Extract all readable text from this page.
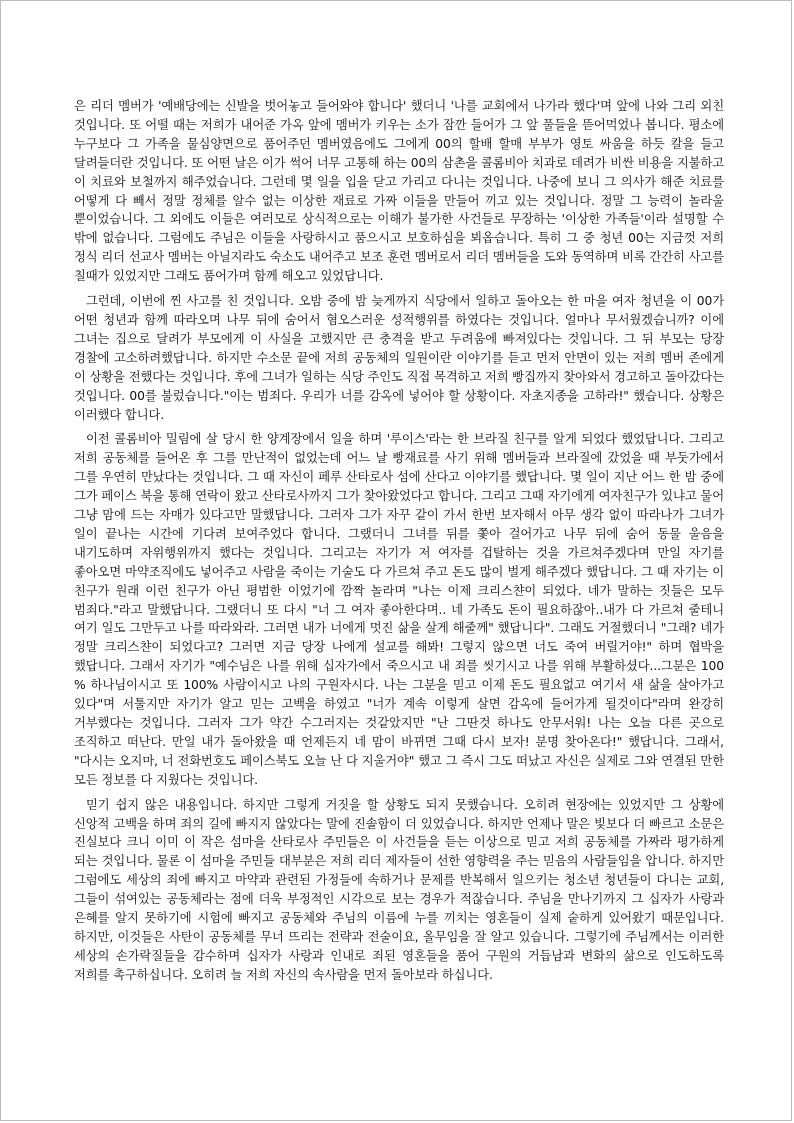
은 리더 멤버가 '예배당에는 신발을 벗어놓고 들어와야 합니다' 했더니 '나를 교회에서 나가라 했다'며 앞에 나와 그리 외친 것입니다. 또 어떨 때는 저희가 내어준 가옥 앞에 멤버가 키우는 소가 잠깐 들어가 그 앞 풀들을 뜯어먹었나 봅니다. 평소에 누구보다 그 가족을 물심양면으로 품어주던 멤버였음에도 그에게 00의 할배 할매 부부가 영토 싸움을 하듯 칼을 들고 달려들더란 것입니다. 또 어떤 날은 이가 썩어 너무 고통해 하는 00의 삼촌을 콜롬비아 치과로 데려가 비싼 비용을 지불하고 이 치료와 보철까지 해주었습니다. 그런데 몇 일을 입을 닫고 가리고 다니는 것입니다. 나중에 보니 그 의사가 해준 치료를 어떻게 다 빼서 정말 정체를 알수 없는 이상한 재료로 가짜 이들을 만들어 끼고 있는 것입니다. 정말 그 능력이 놀라울 뿐이었습니다. 그 외에도 이들은 여러모로 상식적으로는 이해가 불가한 사건들로 무장하는 '이상한 가족들'이라 설명할 수 밖에 없습니다. 그럼에도 주님은 이들을 사랑하시고 품으시고 보호하심을 뵈옵습니다. 특히 그 중 청년 00는 지금껏 저희 정식 리더 선교사 멤버는 아닐지라도 숙소도 내어주고 보조 훈련 멤버로서 리더 멤버들을 도와 동역하며 비록 간간히 사고를 칠때가 있었지만 그래도 품어가며 함께 해오고 있었답니다.

그런데, 이번에 찐 사고를 친 것입니다. 오밤 중에 밤 늦게까지 식당에서 일하고 돌아오는 한 마을 여자 청년을 이 00가 어떤 청년과 함께 따라오며 나무 뒤에 숨어서 혐오스러운 성적행위를 하였다는 것입니다. 얼마나 무서웠겠습니까? 이에 그녀는 집으로 달려가 부모에게 이 사실을 고했지만 큰 충격을 받고 두려움에 빠져있다는 것입니다. 그 뒤 부모는 당장 경찰에 고소하려했답니다. 하지만 수소문 끝에 저희 공동체의 일원이란 이야기를 듣고 먼저 안면이 있는 저희 멤버 존에게 이 상황을 전했다는 것입니다. 후에 그녀가 일하는 식당 주인도 직접 목격하고 저희 빵집까지 찾아와서 경고하고 돌아갔다는 것입니다. 00를 불렀습니다."이는 범죄다. 우리가 너를 감옥에 넣어야 할 상황이다. 자초지종을 고하라!" 했습니다. 상황은 이러했다 합니다.

이전 콜롬비아 밀림에 살 당시 한 양계장에서 일을 하며 '루이스'라는 한 브라질 친구를 알게 되었다 했었답니다. 그리고 저희 공동체를 들어온 후 그를 만난적이 없었는데 어느 날 빵재료를 사기 위해 멤버들과 브라질에 갔었을 때 부둣가에서 그를 우연히 만났다는 것입니다. 그 때 자신이 페루 산타로사 섬에 산다고 이야기를 했답니다. 몇 일이 지난 어느 한 밤 중에 그가 페이스 북을 통해 연락이 왔고 산타로사까지 그가 찾아왔었다고 합니다. 그리고 그때 자기에게 여자친구가 있냐고 물어 그냥 맘에 드는 자매가 있다고만 말했답니다. 그러자 그가 자꾸 같이 가서 한번 보자해서 아무 생각 없이 따라나가 그녀가 일이 끝나는 시간에 기다려 보여주었다 합니다. 그랬더니 그녀를 뒤를 쫓아 걸어가고 나무 뒤에 숨어 동물 울음을 내기도하며 자위행위까지 했다는 것입니다. 그리고는 자기가 저 여자를 겁탈하는 것을 가르쳐주겠다며 만일 자기를 좋아오면 마약조직에도 넣어주고 사람을 죽이는 기술도 다 가르쳐 주고 돈도 많이 벌게 해주겠다 했답니다. 그 때 자기는 이 친구가 원래 이런 친구가 아닌 평범한 이었기에 깜짝 놀라며 "나는 이제 크리스챤이 되었다. 네가 말하는 짓들은 모두 범죄다."라고 말했답니다. 그랬더니 또 다시 "너 그 여자 좋아한다며.. 네 가족도 돈이 필요하잖아..내가 다 가르쳐 줄테니 여기 일도 그만두고 나를 따라와라. 그러면 내가 너에게 멋진 삶을 살게 해줄께" 했답니다". 그래도 거절했더니 "그래? 네가 정말 크리스챤이 되었다고? 그러면 지금 당장 나에게 설교를 해봐! 그렇지 않으면 너도 죽여 버릴거야!" 하며 협박을 했답니다. 그래서 자기가 "예수님은 나를 위해 십자가에서 죽으시고 내 죄를 씻기시고 나를 위해 부활하셨다...그분은 100 % 하나님이시고 또 100% 사람이시고 나의 구원자시다. 나는 그분을 믿고 이제 돈도 필요없고 여기서 새 삶을 살아가고 있다"며 서툴지만 자기가 알고 믿는 고백을 하였고 "너가 계속 이렇게 살면 감옥에 들어가게 될것이다"라며 완강히 거부했다는 것입니다. 그러자 그가 약간 수그러지는 것같았지만 "난 그딴것 하나도 안무서워! 나는 오늘 다른 곳으로 조직하고 떠난다. 만일 내가 돌아왔을 때 언제든지 네 맘이 바뀌면 그때 다시 보자! 분명 찾아온다!" 했답니다. 그래서, "다시는 오지마, 너 전화번호도 페이스북도 오늘 난 다 지울거야" 했고 그 즉시 그도 떠났고 자신은 실제로 그와 연결된 만한 모든 정보를 다 지웠다는 것입니다.

믿기 쉽지 않은 내용입니다. 하지만 그렇게 거짓을 할 상황도 되지 못했습니다. 오히려 현장에는 있었지만 그 상황에 신앙적 고백을 하며 죄의 길에 빠지지 않았다는 말에 진솔함이 더 있었습니다. 하지만 언제나 말은 빛보다 더 빠르고 소문은 진실보다 크니 이미 이 작은 섬마을 산타로사 주민들은 이 사건들을 듣는 이상으로 믿고 저희 공동체를 가짜라 평가하게 되는 것입니다. 물론 이 섬마을 주민들 대부분은 저희 리더 제자들이 선한 영향력을 주는 믿음의 사람들임을 압니다. 하지만 그럼에도 세상의 죄에 빠지고 마약과 관련된 가정들에 속하거나 문제를 반복해서 일으키는 청소년 청년들이 다니는 교회, 그들이 섞여있는 공동체라는 점에 더욱 부정적인 시각으로 보는 경우가 적잖습니다. 주님을 만나기까지 그 십자가 사랑과 은혜를 알지 못하기에 시험에 빠지고 공동체와 주님의 이름에 누를 끼치는 영혼들이 실제 숱하게 있어왔기 때문입니다. 하지만, 이것들은 사탄이 공동체를 무너 뜨리는 전략과 전술이요, 올무임을 잘 알고 있습니다. 그렇기에 주님께서는 이러한 세상의 손가락질들을 감수하며 십자가 사랑과 인내로 죄된 영혼들을 품어 구원의 거듭남과 변화의 삶으로 인도하도록 저희를 촉구하십니다. 오히려 늘 저희 자신의 속사람을 먼저 돌아보라 하십니다.
